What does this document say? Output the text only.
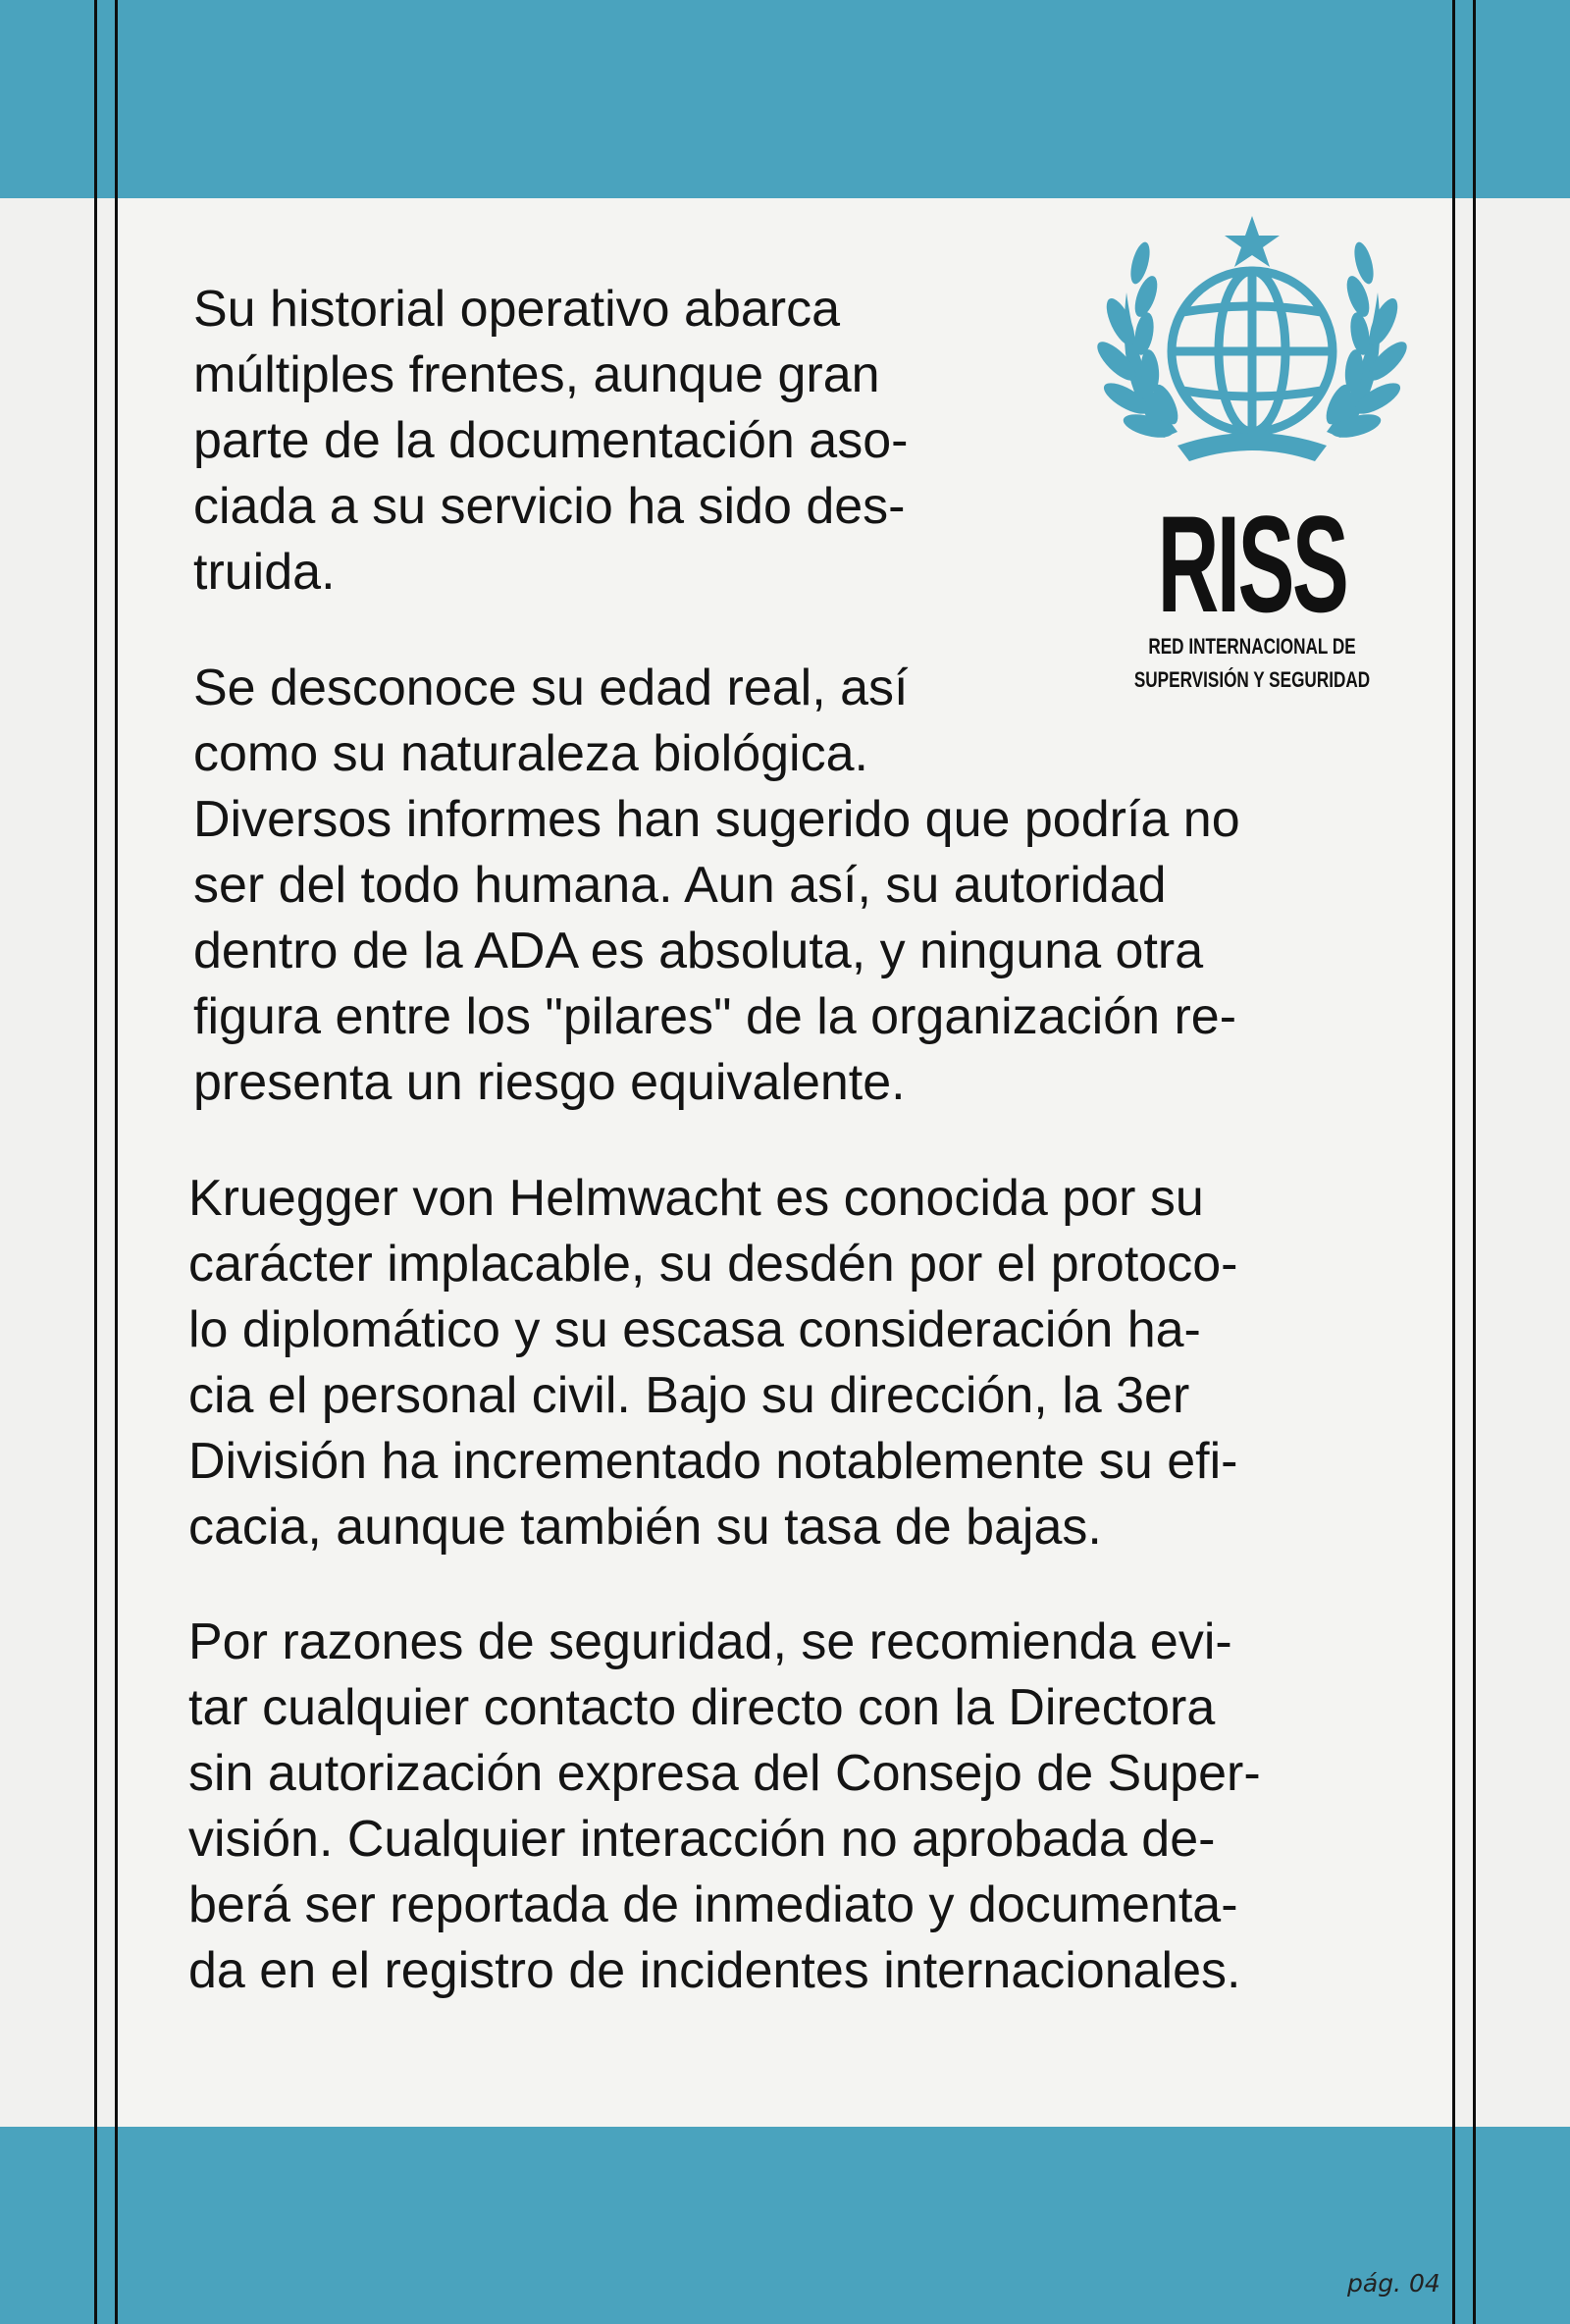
RISS
RED INTERNACIONAL DE
SUPERVISIÓN Y SEGURIDAD
Su historial operativo abarca
múltiples frentes, aunque gran
parte de la documentación aso-
ciada a su servicio ha sido des-
truida.
Se desconoce su edad real, así
como su naturaleza biológica.
Diversos informes han sugerido que podría no
ser del todo humana. Aun así, su autoridad
dentro de la ADA es absoluta, y ninguna otra
figura entre los "pilares" de la organización re-
presenta un riesgo equivalente.
Kruegger von Helmwacht es conocida por su
carácter implacable, su desdén por el protoco-
lo diplomático y su escasa consideración ha-
cia el personal civil. Bajo su dirección, la 3er
División ha incrementado notablemente su efi-
cacia, aunque también su tasa de bajas.
Por razones de seguridad, se recomienda evi-
tar cualquier contacto directo con la Directora
sin autorización expresa del Consejo de Super-
visión. Cualquier interacción no aprobada de-
berá ser reportada de inmediato y documenta-
da en el registro de incidentes internacionales.
pág. 04
